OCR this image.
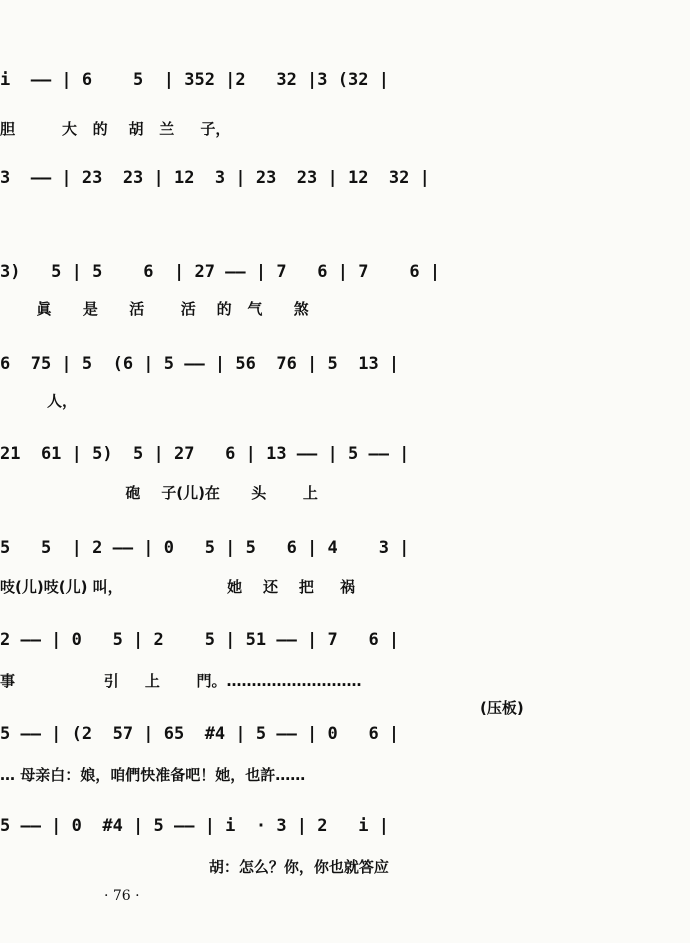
i  —— | 6    5  | 352 |2   32 |3 (32 |
胆         大   的    胡   兰     子，
3  —— | 23  23 | 12  3 | 23  23 | 12  32 |
3)   5 | 5    6  | 27 —— | 7   6 | 7    6 |
眞      是      活       活    的   气      煞
6  75 | 5  (6 | 5 —— | 56  76 | 5  13 |
人，
21  61 | 5)  5 | 27   6 | 13 —— | 5 —— |
砲    子(儿)在      头       上
5   5  | 2 —— | 0   5 | 5   6 | 4    3 |
吱(儿)吱(儿) 叫，                    她    还    把     祸
2 —— | 0   5 | 2    5 | 51 —— | 7   6 |
事                 引     上       門。………………………
(压板)
5 —— | (2  57 | 65  #4 | 5 —— | 0   6 |
… 母亲白：娘，咱們快准备吧！她，也許……
5 —— | 0  #4 | 5 —— | i  · 3 | 2   i |
胡：怎么？你，你也就答应
· 76 ·
